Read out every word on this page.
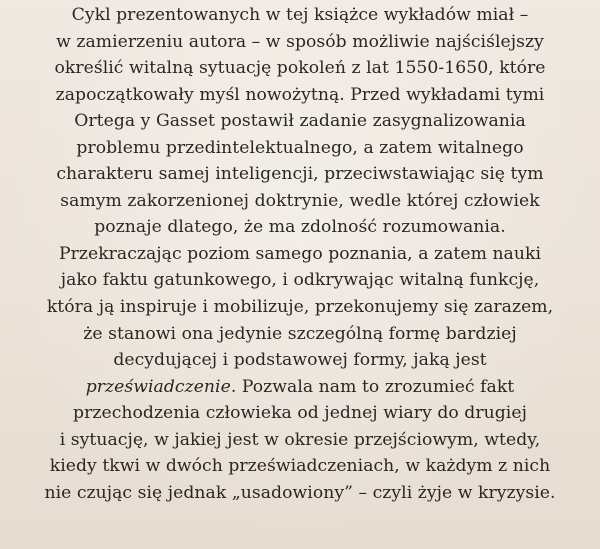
Cykl prezentowanych w tej książce wykładów miał –
w zamierzeniu autora – w sposób możliwie najściślejszy
określić witalną sytuację pokoleń z lat 1550-1650, które
zapoczątkowały myśl nowożytną. Przed wykładami tymi
Ortega y Gasset postawił zadanie zasygnalizowania
problemu przedintelektualnego, a zatem witalnego
charakteru samej inteligencji, przeciwstawiając się tym
samym zakorzenionej doktrynie, wedle której człowiek
poznaje dlatego, że ma zdolność rozumowania.
Przekraczając poziom samego poznania, a zatem nauki
jako faktu gatunkowego, i odkrywając witalną funkcję,
która ją inspiruje i mobilizuje, przekonujemy się zarazem,
że stanowi ona jedynie szczególną formę bardziej
decydującej i podstawowej formy, jaką jest
przeświadczenie. Pozwala nam to zrozumieć fakt
przechodzenia człowieka od jednej wiary do drugiej
i sytuację, w jakiej jest w okresie przejściowym, wtedy,
kiedy tkwi w dwóch przeświadczeniach, w każdym z nich
nie czując się jednak „usadowiony” – czyli żyje w kryzysie.
